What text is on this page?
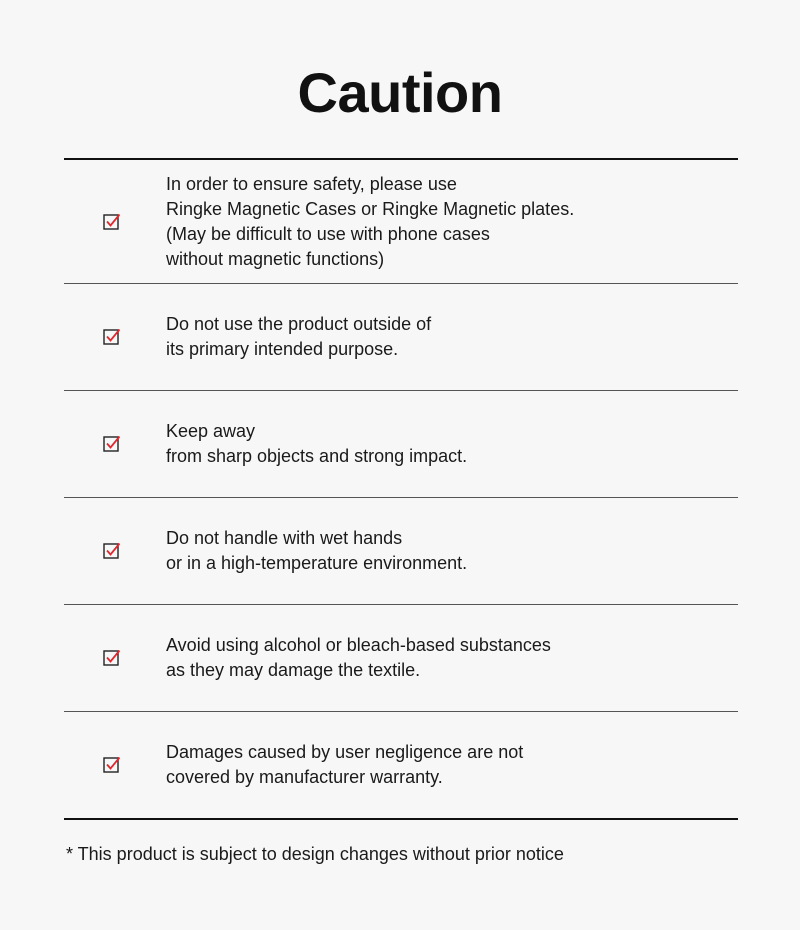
Caution
In order to ensure safety, please use
Ringke Magnetic Cases or Ringke Magnetic plates.
(May be difficult to use with phone cases
without magnetic functions)
Do not use the product outside of
its primary intended purpose.
Keep away
from sharp objects and strong impact.
Do not handle with wet hands
or in a high-temperature environment.
Avoid using alcohol or bleach-based substances
as they may damage the textile.
Damages caused by user negligence are not
covered by manufacturer warranty.
* This product is subject to design changes without prior notice
